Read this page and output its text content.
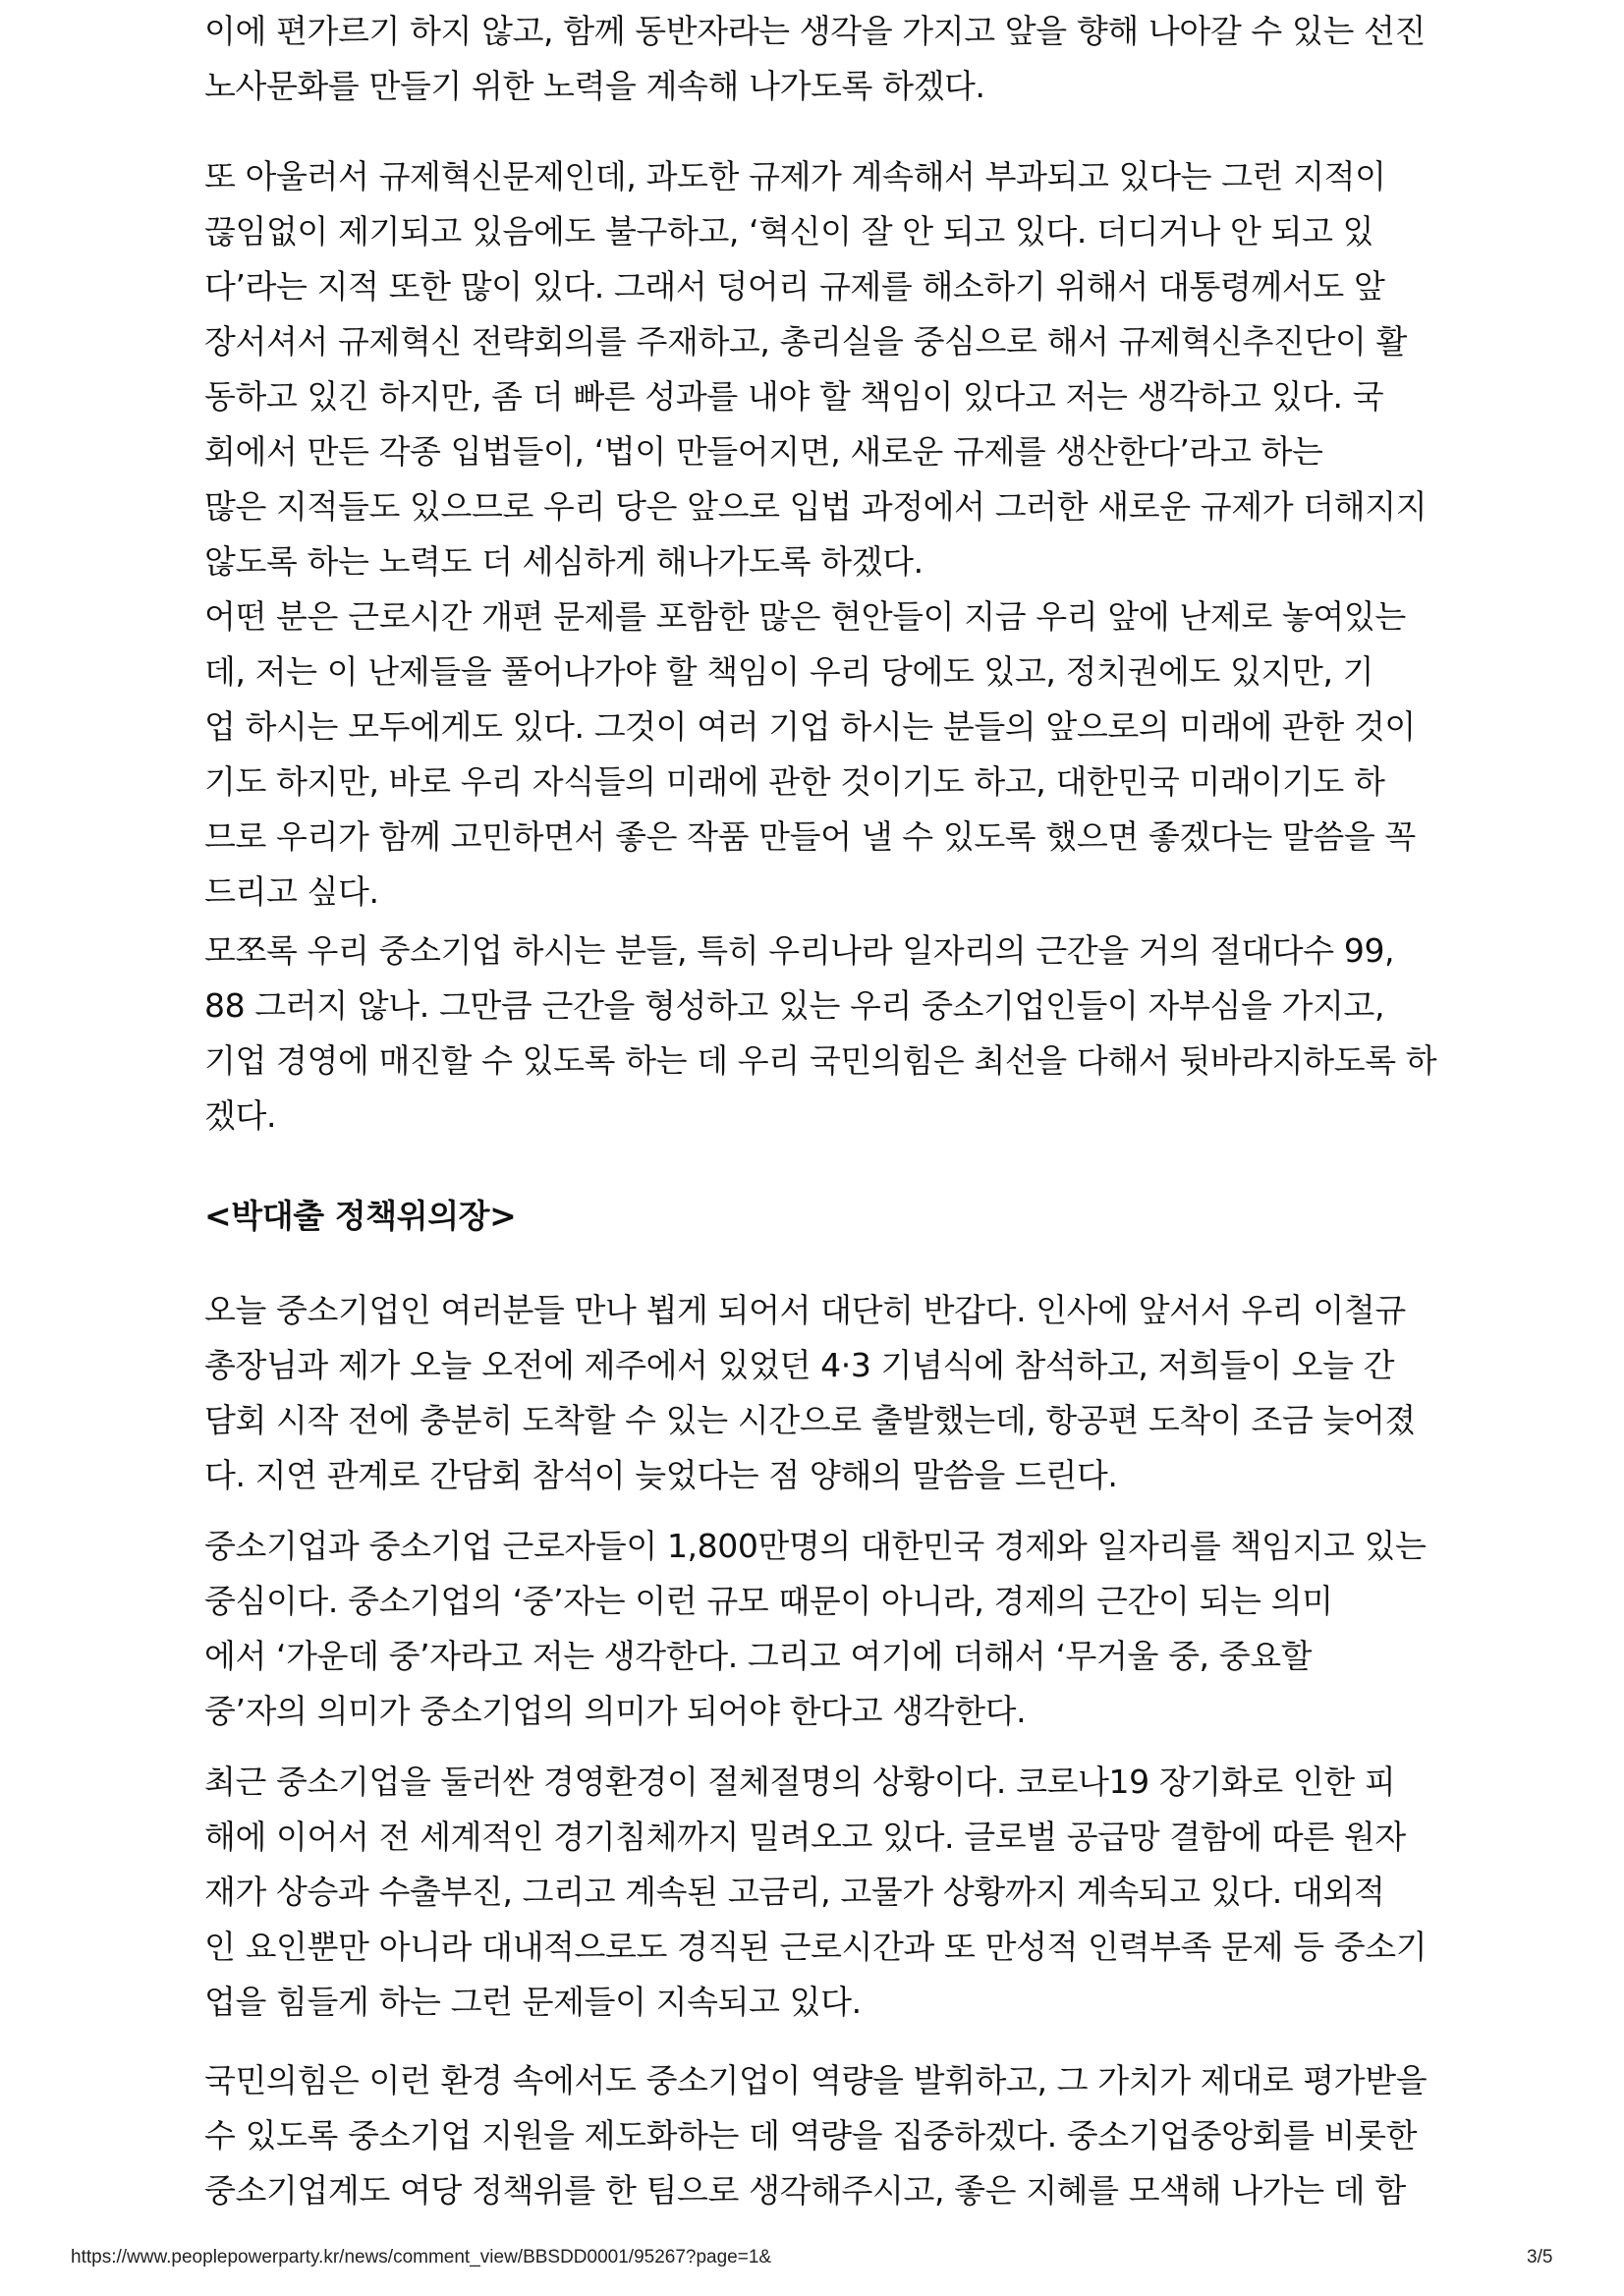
이에 편가르기 하지 않고, 함께 동반자라는 생각을 가지고 앞을 향해 나아갈 수 있는 선진
노사문화를 만들기 위한 노력을 계속해 나가도록 하겠다.
또 아울러서 규제혁신문제인데, 과도한 규제가 계속해서 부과되고 있다는 그런 지적이
끊임없이 제기되고 있음에도 불구하고, ‘혁신이 잘 안 되고 있다. 더디거나 안 되고 있
다’라는 지적 또한 많이 있다. 그래서 덩어리 규제를 해소하기 위해서 대통령께서도 앞
장서셔서 규제혁신 전략회의를 주재하고, 총리실을 중심으로 해서 규제혁신추진단이 활
동하고 있긴 하지만, 좀 더 빠른 성과를 내야 할 책임이 있다고 저는 생각하고 있다. 국
회에서 만든 각종 입법들이, ‘법이 만들어지면, 새로운 규제를 생산한다’라고 하는
많은 지적들도 있으므로 우리 당은 앞으로 입법 과정에서 그러한 새로운 규제가 더해지지
않도록 하는 노력도 더 세심하게 해나가도록 하겠다.
어떤 분은 근로시간 개편 문제를 포함한 많은 현안들이 지금 우리 앞에 난제로 놓여있는
데, 저는 이 난제들을 풀어나가야 할 책임이 우리 당에도 있고, 정치권에도 있지만, 기
업 하시는 모두에게도 있다. 그것이 여러 기업 하시는 분들의 앞으로의 미래에 관한 것이
기도 하지만, 바로 우리 자식들의 미래에 관한 것이기도 하고, 대한민국 미래이기도 하
므로 우리가 함께 고민하면서 좋은 작품 만들어 낼 수 있도록 했으면 좋겠다는 말씀을 꼭
드리고 싶다.
모쪼록 우리 중소기업 하시는 분들, 특히 우리나라 일자리의 근간을 거의 절대다수 99,
88 그러지 않나. 그만큼 근간을 형성하고 있는 우리 중소기업인들이 자부심을 가지고,
기업 경영에 매진할 수 있도록 하는 데 우리 국민의힘은 최선을 다해서 뒷바라지하도록 하
겠다.
<박대출 정책위의장>
오늘 중소기업인 여러분들 만나 뵙게 되어서 대단히 반갑다. 인사에 앞서서 우리 이철규
총장님과 제가 오늘 오전에 제주에서 있었던 4·3 기념식에 참석하고, 저희들이 오늘 간
담회 시작 전에 충분히 도착할 수 있는 시간으로 출발했는데, 항공편 도착이 조금 늦어졌
다. 지연 관계로 간담회 참석이 늦었다는 점 양해의 말씀을 드린다.
중소기업과 중소기업 근로자들이 1,800만명의 대한민국 경제와 일자리를 책임지고 있는
중심이다. 중소기업의 ‘중’자는 이런 규모 때문이 아니라, 경제의 근간이 되는 의미
에서 ‘가운데 중’자라고 저는 생각한다. 그리고 여기에 더해서 ‘무거울 중, 중요할
중’자의 의미가 중소기업의 의미가 되어야 한다고 생각한다.
최근 중소기업을 둘러싼 경영환경이 절체절명의 상황이다. 코로나19 장기화로 인한 피
해에 이어서 전 세계적인 경기침체까지 밀려오고 있다. 글로벌 공급망 결함에 따른 원자
재가 상승과 수출부진, 그리고 계속된 고금리, 고물가 상황까지 계속되고 있다. 대외적
인 요인뿐만 아니라 대내적으로도 경직된 근로시간과 또 만성적 인력부족 문제 등 중소기
업을 힘들게 하는 그런 문제들이 지속되고 있다.
국민의힘은 이런 환경 속에서도 중소기업이 역량을 발휘하고, 그 가치가 제대로 평가받을
수 있도록 중소기업 지원을 제도화하는 데 역량을 집중하겠다. 중소기업중앙회를 비롯한
중소기업계도 여당 정책위를 한 팀으로 생각해주시고, 좋은 지혜를 모색해 나가는 데 함
https://www.peoplepowerparty.kr/news/comment_view/BBSDD0001/95267?page=1&	3/5
